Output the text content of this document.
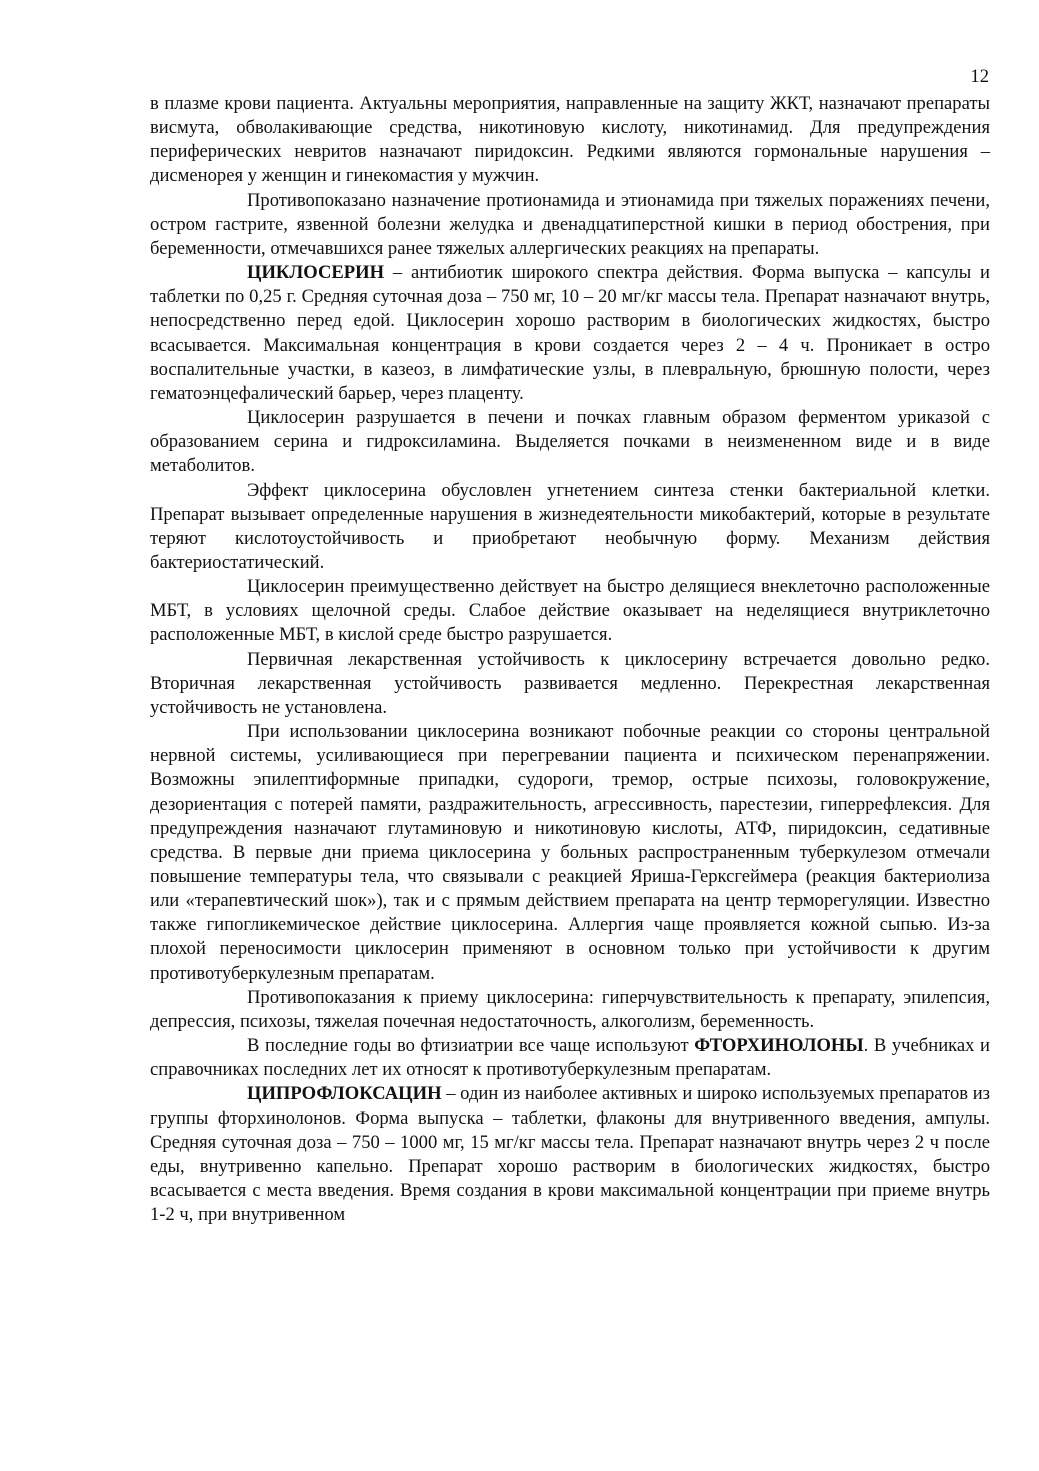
12

в плазме крови пациента. Актуальны мероприятия, направленные на защиту ЖКТ, назначают препараты висмута, обволакивающие средства, никотиновую кислоту, никотинамид. Для предупреждения периферических невритов назначают пиридоксин. Редкими являются гормональные нарушения – дисменорея у женщин и гинекомастия у мужчин.

Противопоказано назначение протионамида и этионамида при тяжелых поражениях печени, остром гастрите, язвенной болезни желудка и двенадцатиперстной кишки в период обострения, при беременности, отмечавшихся ранее тяжелых аллергических реакциях на препараты.

ЦИКЛОСЕРИН – антибиотик широкого спектра действия. Форма выпуска – капсулы и таблетки по 0,25 г. Средняя суточная доза – 750 мг, 10 – 20 мг/кг массы тела. Препарат назначают внутрь, непосредственно перед едой. Циклосерин хорошо растворим в биологических жидкостях, быстро всасывается. Максимальная концентрация в крови создается через 2 – 4 ч. Проникает в остро воспалительные участки, в казеоз, в лимфатические узлы, в плевральную, брюшную полости, через гематоэнцефалический барьер, через плаценту.

Циклосерин разрушается в печени и почках главным образом ферментом уриказой с образованием серина и гидроксиламина. Выделяется почками в неизмененном виде и в виде метаболитов.

Эффект циклосерина обусловлен угнетением синтеза стенки бактериальной клетки. Препарат вызывает определенные нарушения в жизнедеятельности микобактерий, которые в результате теряют кислотоустойчивость и приобретают необычную форму. Механизм действия бактериостатический.

Циклосерин преимущественно действует на быстро делящиеся внеклеточно расположенные МБТ, в условиях щелочной среды. Слабое действие оказывает на неделящиеся внутриклеточно расположенные МБТ, в кислой среде быстро разрушается.

Первичная лекарственная устойчивость к циклосерину встречается довольно редко. Вторичная лекарственная устойчивость развивается медленно. Перекрестная лекарственная устойчивость не установлена.

При использовании циклосерина возникают побочные реакции со стороны центральной нервной системы, усиливающиеся при перегревании пациента и психическом перенапряжении. Возможны эпилептиформные припадки, судороги, тремор, острые психозы, головокружение, дезориентация с потерей памяти, раздражительность, агрессивность, парестезии, гиперрефлексия. Для предупреждения назначают глутаминовую и никотиновую кислоты, АТФ, пиридоксин, седативные средства. В первые дни приема циклосерина у больных распространенным туберкулезом отмечали повышение температуры тела, что связывали с реакцией Яриша-Герксгеймера (реакция бактериолиза или «терапевтический шок»), так и с прямым действием препарата на центр терморегуляции. Известно также гипогликемическое действие циклосерина. Аллергия чаще проявляется кожной сыпью. Из-за плохой переносимости циклосерин применяют в основном только при устойчивости к другим противотуберкулезным препаратам.

Противопоказания к приему циклосерина: гиперчувствительность к препарату, эпилепсия, депрессия, психозы, тяжелая почечная недостаточность, алкоголизм, беременность.

В последние годы во фтизиатрии все чаще используют ФТОРХИНОЛОНЫ. В учебниках и справочниках последних лет их относят к противотуберкулезным препаратам.

ЦИПРОФЛОКСАЦИН – один из наиболее активных и широко используемых препаратов из группы фторхинолонов. Форма выпуска – таблетки, флаконы для внутривенного введения, ампулы. Средняя суточная доза – 750 – 1000 мг, 15 мг/кг массы тела. Препарат назначают внутрь через 2 ч после еды, внутривенно капельно. Препарат хорошо растворим в биологических жидкостях, быстро всасывается с места введения. Время создания в крови максимальной концентрации при приеме внутрь 1-2 ч, при внутривенном
